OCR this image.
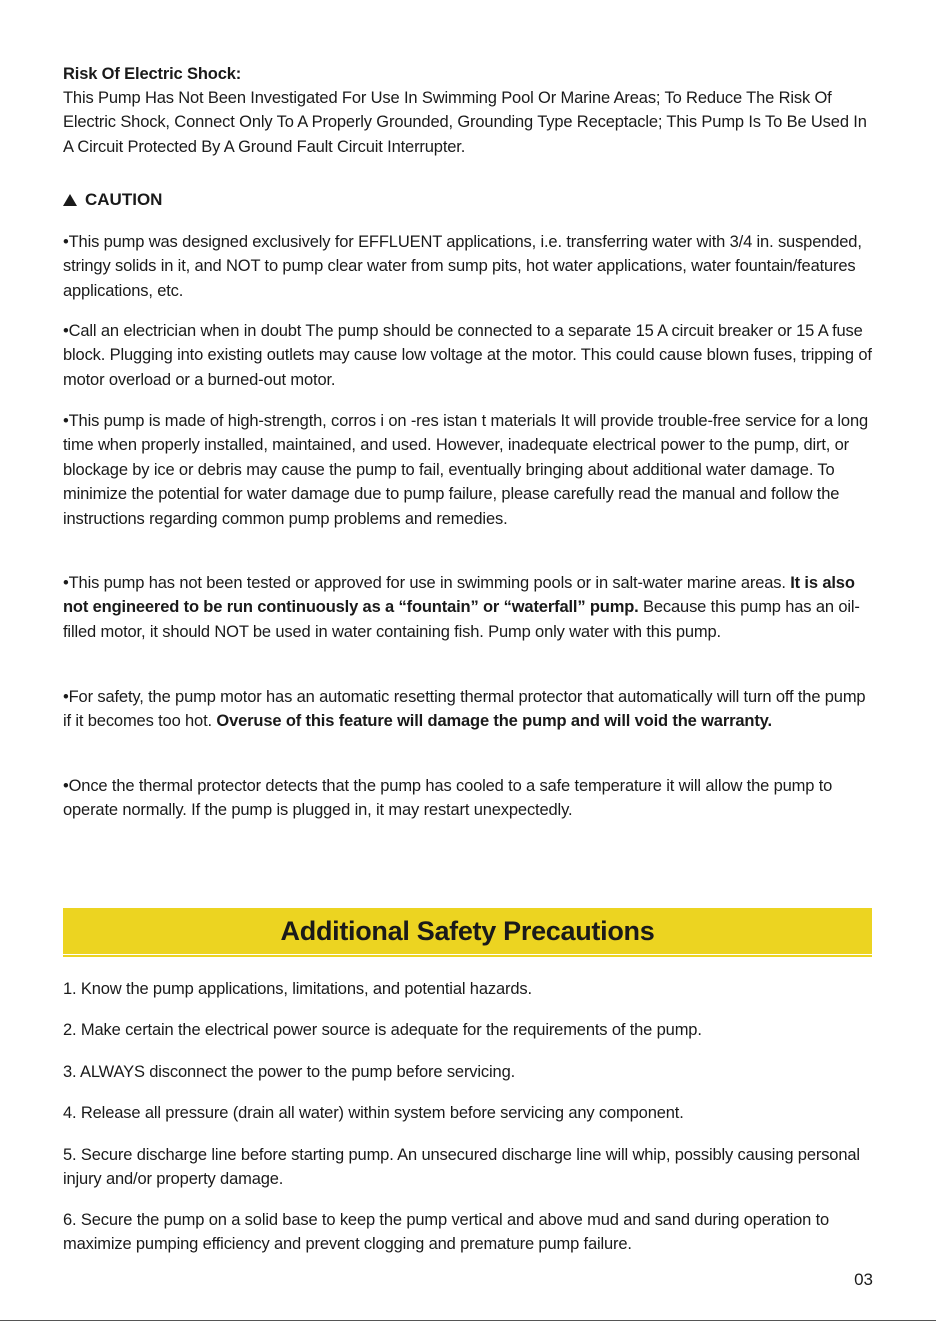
Risk Of Electric Shock:

This Pump Has Not Been Investigated For Use In Swimming Pool Or Marine Areas; To Reduce The Risk Of Electric Shock, Connect Only To A Properly Grounded, Grounding Type Receptacle; This Pump Is To Be Used In A Circuit Protected By A Ground Fault Circuit Interrupter.

CAUTION

•This pump was designed exclusively for EFFLUENT applications, i.e. transferring water with 3/4 in. suspended, stringy solids in it, and NOT to pump clear water from sump pits, hot water applications, water fountain/features applications, etc.

•Call an electrician when in doubt The pump should be connected to a separate 15 A circuit breaker or 15 A fuse block. Plugging into existing outlets may cause low voltage at the motor. This could cause blown fuses, tripping of motor overload or a burned-out motor.

•This pump is made of high-strength, corros i on -res istan t materials It will provide trouble-free service for a long time when properly installed, maintained, and used. However, inadequate electrical power to the pump, dirt, or blockage by ice or debris may cause the pump to fail, eventually bringing about additional water damage. To minimize the potential for water damage due to pump failure, please carefully read the manual and follow the instructions regarding common pump problems and remedies.

•This pump has not been tested or approved for use in swimming pools or in salt-water marine areas. It is also not engineered to be run continuously as a “fountain” or “waterfall” pump. Because this pump has an oil-filled motor, it should NOT be used in water containing fish. Pump only water with this pump.

•For safety, the pump motor has an automatic resetting thermal protector that automatically will turn off the pump if it becomes too hot. Overuse of this feature will damage the pump and will void the warranty.

•Once the thermal protector detects that the pump has cooled to a safe temperature it will allow the pump to operate normally. If the pump is plugged in, it may restart unexpectedly.

Additional Safety Precautions

1. Know the pump applications, limitations, and potential hazards.

2. Make certain the electrical power source is adequate for the requirements of the pump.

3. ALWAYS disconnect the power to the pump before servicing.

4. Release all pressure (drain all water) within system before servicing any component.

5. Secure discharge line before starting pump. An unsecured discharge line will whip, possibly causing personal injury and/or property damage.

6. Secure the pump on a solid base to keep the pump vertical and above mud and sand during operation to maximize pumping efficiency and prevent clogging and premature pump failure.

03
